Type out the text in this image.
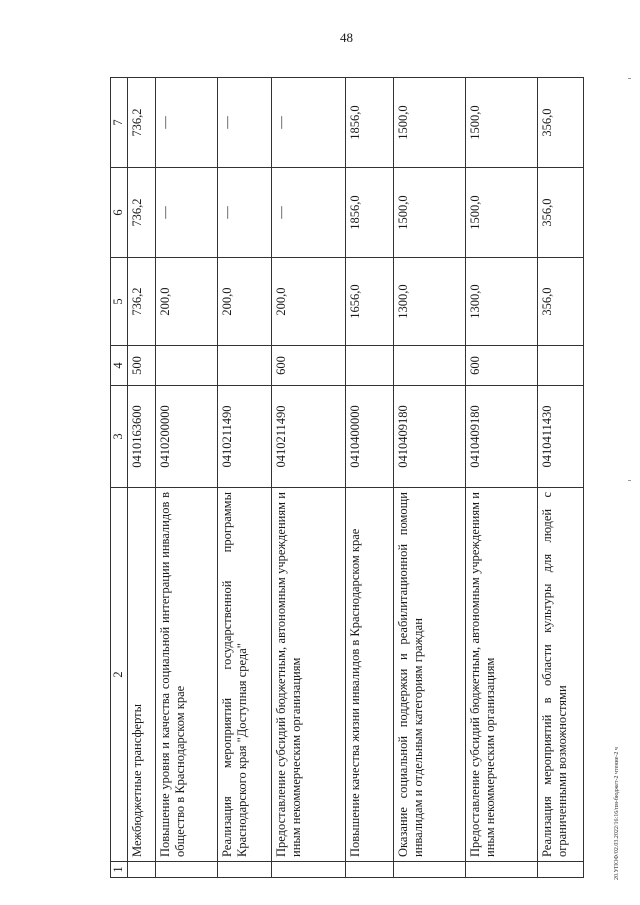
48
20.УПОФ/02.03.2022/16:16/пм-бюджет-2 чтение-2 ч
1	2	3	4	5	6	7
	Межбюджетные трансферты	0410163600	500	736,2	736,2	736,2
	Повышение уровня и качества социальной интеграции инвалидов в общество в Краснодарском крае	0410200000		200,0	—	—
	Реализация мероприятий государственной программы Краснодарского края "Доступная среда"	0410211490		200,0	—	—
	Предоставление субсидий бюджетным, автономным учреждениям и иным некоммерческим организациям	0410211490	600	200,0	—	—
	Повышение качества жизни инвалидов в Краснодарском крае	0410400000		1656,0	1856,0	1856,0
	Оказание социальной поддержки и реабилитационной помощи инвалидам и отдельным категориям граждан	0410409180		1300,0	1500,0	1500,0
	Предоставление субсидий бюджетным, автономным учреждениям и иным некоммерческим организациям	0410409180	600	1300,0	1500,0	1500,0
	Реализация мероприятий в области культуры для людей с ограниченными возможностями	0410411430		356,0	356,0	356,0
